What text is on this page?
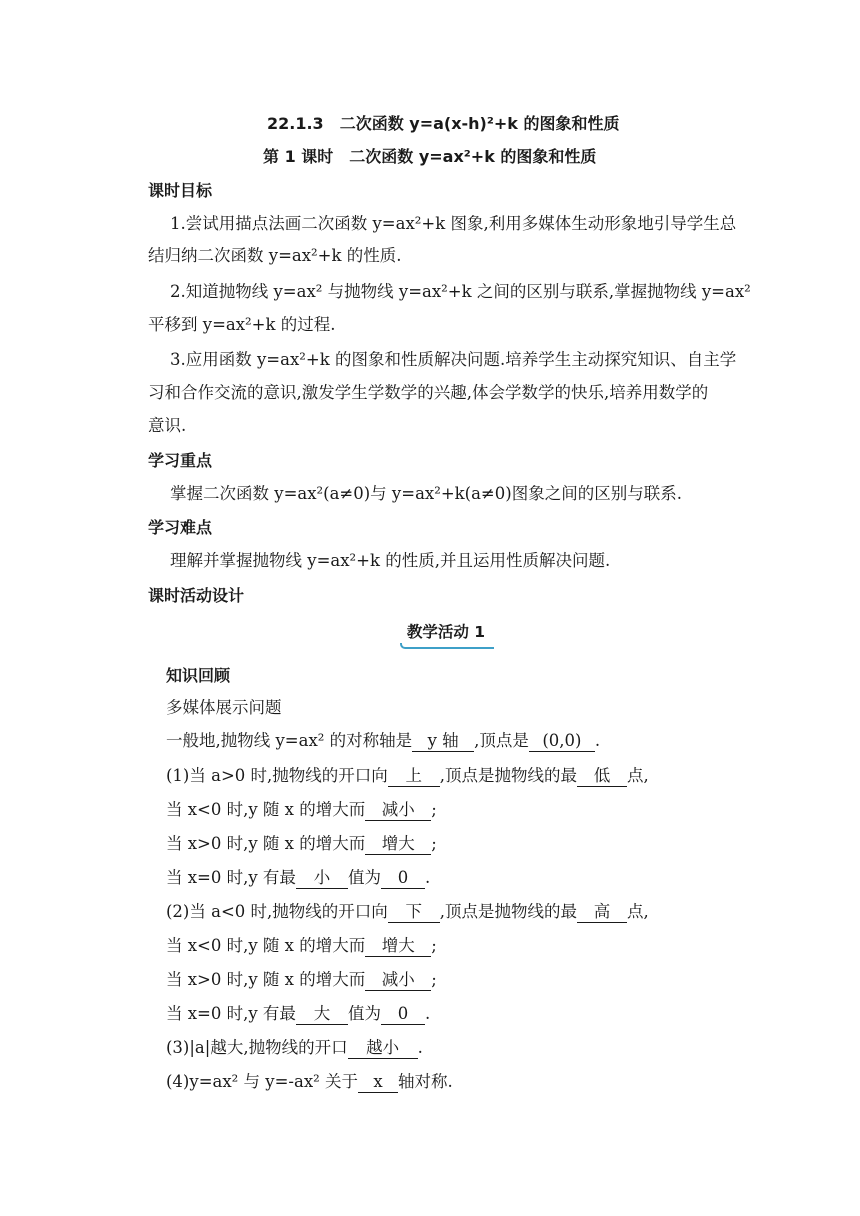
22.1.3　二次函数 y=a(x-h)²+k 的图象和性质
第 1 课时　二次函数 y=ax²+k 的图象和性质
课时目标
1.尝试用描点法画二次函数 y=ax²+k 图象,利用多媒体生动形象地引导学生总
结归纳二次函数 y=ax²+k 的性质.
2.知道抛物线 y=ax² 与抛物线 y=ax²+k 之间的区别与联系,掌握抛物线 y=ax²
平移到 y=ax²+k 的过程.
3.应用函数 y=ax²+k 的图象和性质解决问题.培养学生主动探究知识、自主学
习和合作交流的意识,激发学生学数学的兴趣,体会学数学的快乐,培养用数学的
意识.
学习重点
掌握二次函数 y=ax²(a≠0)与 y=ax²+k(a≠0)图象之间的区别与联系.
学习难点
理解并掌握抛物线 y=ax²+k 的性质,并且运用性质解决问题.
课时活动设计
教学活动 1
知识回顾
多媒体展示问题
一般地,抛物线 y=ax² 的对称轴是 y 轴 ,顶点是 (0,0) .
(1)当 a>0 时,抛物线的开口向 上 ,顶点是抛物线的最 低 点,
当 x<0 时,y 随 x 的增大而 减小 ;
当 x>0 时,y 随 x 的增大而 增大 ;
当 x=0 时,y 有最 小 值为 0 .
(2)当 a<0 时,抛物线的开口向 下 ,顶点是抛物线的最 高 点,
当 x<0 时,y 随 x 的增大而 增大 ;
当 x>0 时,y 随 x 的增大而 减小 ;
当 x=0 时,y 有最 大 值为 0 .
(3)|a|越大,抛物线的开口 越小 .
(4)y=ax² 与 y=-ax² 关于 x 轴对称.
